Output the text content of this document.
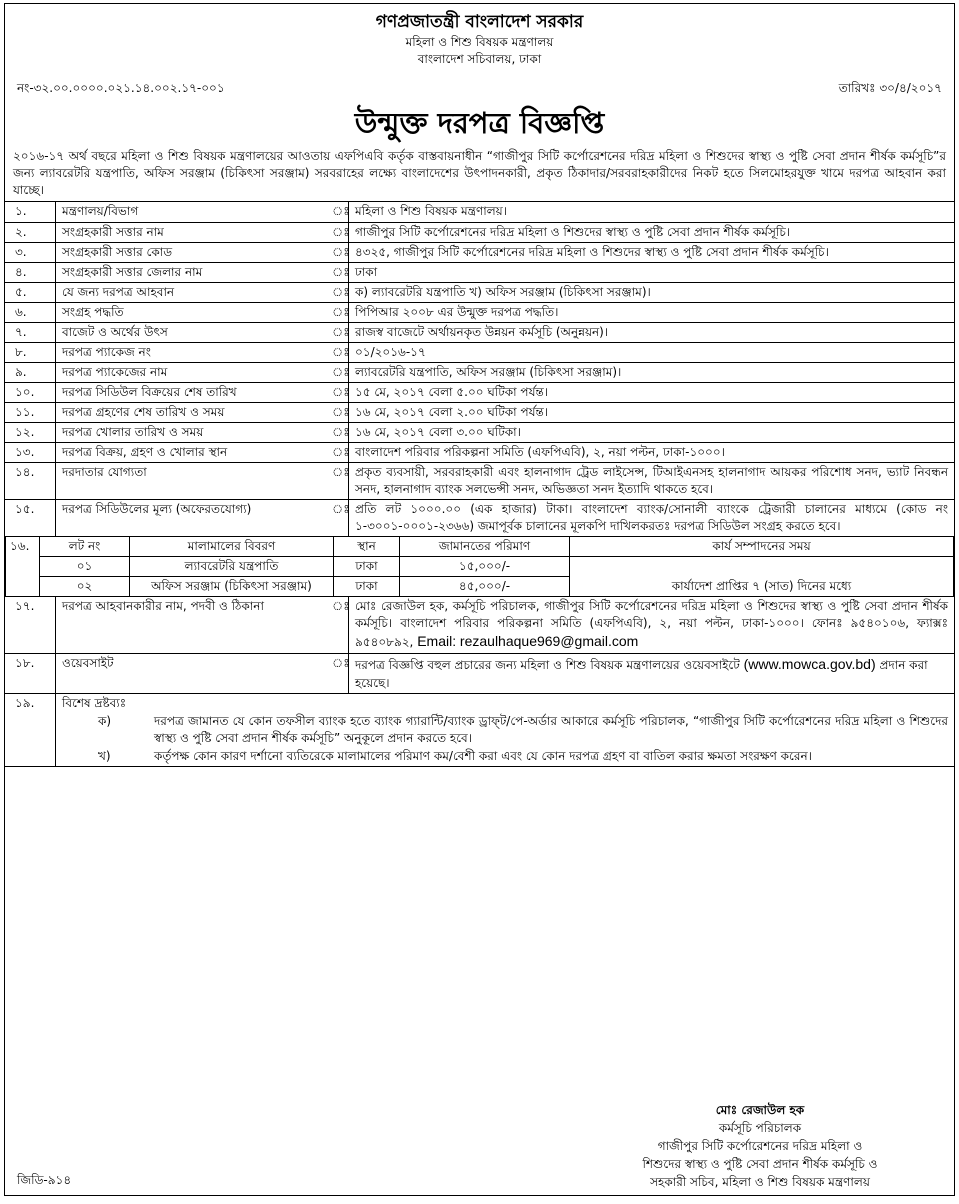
গণপ্রজাতন্ত্রী বাংলাদেশ সরকার
মহিলা ও শিশু বিষয়ক মন্ত্রণালয়
বাংলাদেশ সচিবালয়, ঢাকা
নং-৩২.০০.০০০০.০২১.১৪.০০২.১৭-০০১	তারিখঃ ৩০/৪/২০১৭
উন্মুক্ত দরপত্র বিজ্ঞপ্তি
২০১৬-১৭ অর্থ বছরে মহিলা ও শিশু বিষয়ক মন্ত্রণালয়ের আওতায় এফপিএবি কর্তৃক বাস্তবায়নাধীন “গাজীপুর সিটি কর্পোরেশনের দরিদ্র মহিলা ও শিশুদের স্বাস্থ্য ও পুষ্টি সেবা প্রদান শীর্ষক কর্মসূচি”র জন্য ল্যাবরেটরি যন্ত্রপাতি, অফিস সরঞ্জাম (চিকিৎসা সরঞ্জাম) সরবরাহের লক্ষ্যে বাংলাদেশের উৎপাদনকারী, প্রকৃত ঠিকাদার/সরবরাহকারীদের নিকট হতে সিলমোহরযুক্ত খামে দরপত্র আহবান করা যাচ্ছে।
১.	মন্ত্রণালয়/বিভাগ	ঃ	মহিলা ও শিশু বিষয়ক মন্ত্রণালয়।
২.	সংগ্রহকারী সত্তার নাম	ঃ	গাজীপুর সিটি কর্পোরেশনের দরিদ্র মহিলা ও শিশুদের স্বাস্থ্য ও পুষ্টি সেবা প্রদান শীর্ষক কর্মসূচি।
৩.	সংগ্রহকারী সত্তার কোড	ঃ	৪৩২৫, গাজীপুর সিটি কর্পোরেশনের দরিদ্র মহিলা ও শিশুদের স্বাস্থ্য ও পুষ্টি সেবা প্রদান শীর্ষক কর্মসূচি।
৪.	সংগ্রহকারী সত্তার জেলার নাম	ঃ	ঢাকা
৫.	যে জন্য দরপত্র আহবান	ঃ	ক) ল্যাবরেটরি যন্ত্রপাতি খ) অফিস সরঞ্জাম (চিকিৎসা সরঞ্জাম)।
৬.	সংগ্রহ পদ্ধতি	ঃ	পিপিআর ২০০৮ এর উন্মুক্ত দরপত্র পদ্ধতি।
৭.	বাজেট ও অর্থের উৎস	ঃ	রাজস্ব বাজেটে অর্থায়নকৃত উন্নয়ন কর্মসূচি (অনুন্নয়ন)।
৮.	দরপত্র প্যাকেজ নং	ঃ	০১/২০১৬-১৭
৯.	দরপত্র প্যাকেজের নাম	ঃ	ল্যাবরেটরি যন্ত্রপাতি, অফিস সরঞ্জাম (চিকিৎসা সরঞ্জাম)।
১০.	দরপত্র সিডিউল বিক্রয়ের শেষ তারিখ	ঃ	১৫ মে, ২০১৭ বেলা ৫.০০ ঘটিকা পর্যন্ত।
১১.	দরপত্র গ্রহণের শেষ তারিখ ও সময়	ঃ	১৬ মে, ২০১৭ বেলা ২.০০ ঘটিকা পর্যন্ত।
১২.	দরপত্র খোলার তারিখ ও সময়	ঃ	১৬ মে, ২০১৭ বেলা ৩.০০ ঘটিকা।
১৩.	দরপত্র বিক্রয়, গ্রহণ ও খোলার স্থান	ঃ	বাংলাদেশ পরিবার পরিকল্পনা সমিতি (এফপিএবি), ২, নয়া পল্টন, ঢাকা-১০০০।
১৪.	দরদাতার যোগ্যতা	ঃ	প্রকৃত ব্যবসায়ী, সরবরাহকারী এবং হালনাগাদ ট্রেড লাইসেন্স, টিআইএনসহ হালনাগাদ আয়কর পরিশোধ সনদ, ভ্যাট নিবন্ধন সনদ, হালনাগাদ ব্যাংক সলভেন্সী সনদ, অভিজ্ঞতা সনদ ইত্যাদি থাকতে হবে।
১৫.	দরপত্র সিডিউলের মূল্য (অফেরতযোগ্য)	ঃ	প্রতি লট ১০০০.০০ (এক হাজার) টাকা। বাংলাদেশ ব্যাংক/সোনালী ব্যাংকে ট্রেজারী চালানের মাধ্যমে (কোড নং ১-৩০০১-০০০১-২৩৬৬) জমাপূর্বক চালানের মূলকপি দাখিলকরতঃ দরপত্র সিডিউল সংগ্রহ করতে হবে।
১৬.	লট নং	মালামালের বিবরণ	স্থান	জামানতের পরিমাণ	কার্য সম্পাদনের সময়
	০১	ল্যাবরেটরি যন্ত্রপাতি	ঢাকা	১৫,০০০/-	কার্যাদেশ প্রাপ্তির ৭ (সাত) দিনের মধ্যে
	০২	অফিস সরঞ্জাম (চিকিৎসা সরঞ্জাম)	ঢাকা	৪৫,০০০/-	
১৭.	দরপত্র আহবানকারীর নাম, পদবী ও ঠিকানা	ঃ	মোঃ রেজাউল হক, কর্মসূচি পরিচালক, গাজীপুর সিটি কর্পোরেশনের দরিদ্র মহিলা ও শিশুদের স্বাস্থ্য ও পুষ্টি সেবা প্রদান শীর্ষক কর্মসূচি। বাংলাদেশ পরিবার পরিকল্পনা সমিতি (এফপিএবি), ২, নয়া পল্টন, ঢাকা-১০০০। ফোনঃ ৯৫৪০১০৬, ফ্যাক্সঃ ৯৫৪০৮৯২, Email: rezaulhaque969@gmail.com
১৮.	ওয়েবসাইট	ঃ	দরপত্র বিজ্ঞপ্তি বহুল প্রচারের জন্য মহিলা ও শিশু বিষয়ক মন্ত্রণালয়ের ওয়েবসাইটে (www.mowca.gov.bd) প্রদান করা হয়েছে।
১৯.	বিশেষ দ্রষ্টব্যঃ
ক) দরপত্র জামানত যে কোন তফসীল ব্যাংক হতে ব্যাংক গ্যারান্টি/ব্যাংক ড্রাফ্‌ট/পে-অর্ডার আকারে কর্মসূচি পরিচালক, “গাজীপুর সিটি কর্পোরেশনের দরিদ্র মহিলা ও শিশুদের স্বাস্থ্য ও পুষ্টি সেবা প্রদান শীর্ষক কর্মসূচি” অনুকূলে প্রদান করতে হবে।
খ) কর্তৃপক্ষ কোন কারণ দর্শানো ব্যতিরেকে মালামালের পরিমাণ কম/বেশী করা এবং যে কোন দরপত্র গ্রহণ বা বাতিল করার ক্ষমতা সংরক্ষণ করেন।		
মোঃ রেজাউল হক
কর্মসূচি পরিচালক
গাজীপুর সিটি কর্পোরেশনের দরিদ্র মহিলা ও
শিশুদের স্বাস্থ্য ও পুষ্টি সেবা প্রদান শীর্ষক কর্মসূচি ও
সহকারী সচিব, মহিলা ও শিশু বিষয়ক মন্ত্রণালয়
জিডি-৯১৪
